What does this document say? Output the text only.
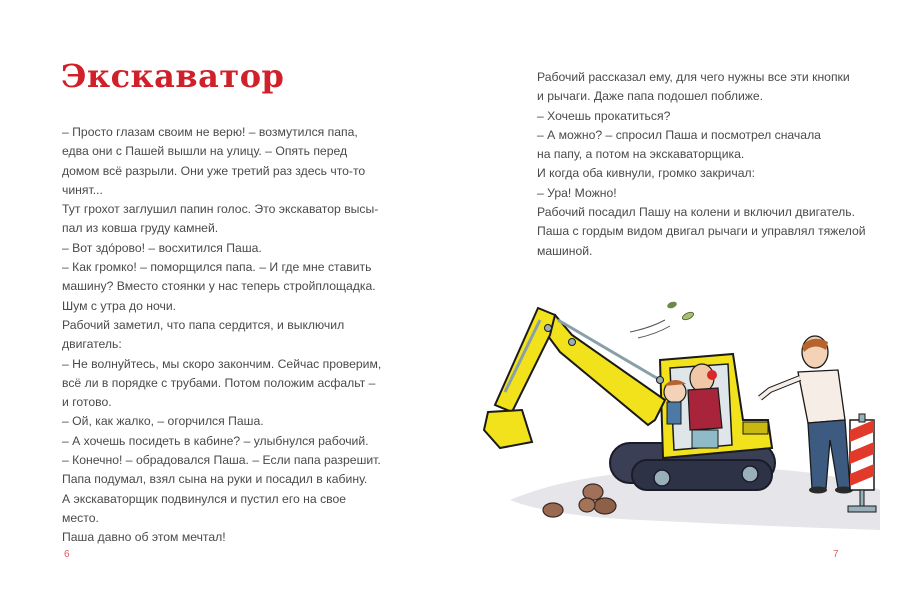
Экскаватор
– Просто глазам своим не верю! – возмутился папа,
едва они с Пашей вышли на улицу. – Опять перед
домом всё разрыли. Они уже третий раз здесь что-то
чинят...
Тут грохот заглушил папин голос. Это экскаватор высы-
пал из ковша груду камней.
– Вот здо́рово! – восхитился Паша.
– Как громко! – поморщился папа. – И где мне ставить
машину? Вместо стоянки у нас теперь стройплощадка.
Шум с утра до ночи.
Рабочий заметил, что папа сердится, и выключил
двигатель:
– Не волнуйтесь, мы скоро закончим. Сейчас проверим,
всё ли в порядке с трубами. Потом положим асфальт –
и готово.
– Ой, как жалко, – огорчился Паша.
– А хочешь посидеть в кабине? – улыбнулся рабочий.
– Конечно! – обрадовался Паша. – Если папа разрешит.
Папа подумал, взял сына на руки и посадил в кабину.
А экскаваторщик подвинулся и пустил его на свое
место.
Паша давно об этом мечтал!
6
Рабочий рассказал ему, для чего нужны все эти кнопки
и рычаги. Даже папа подошел поближе.
– Хочешь прокатиться?
– А можно? – спросил Паша и посмотрел сначала
на папу, а потом на экскаваторщика.
И когда оба кивнули, громко закричал:
– Ура! Можно!
Рабочий посадил Пашу на колени и включил двигатель.
Паша с гордым видом двигал рычаги и управлял тяжелой
машиной.
7
